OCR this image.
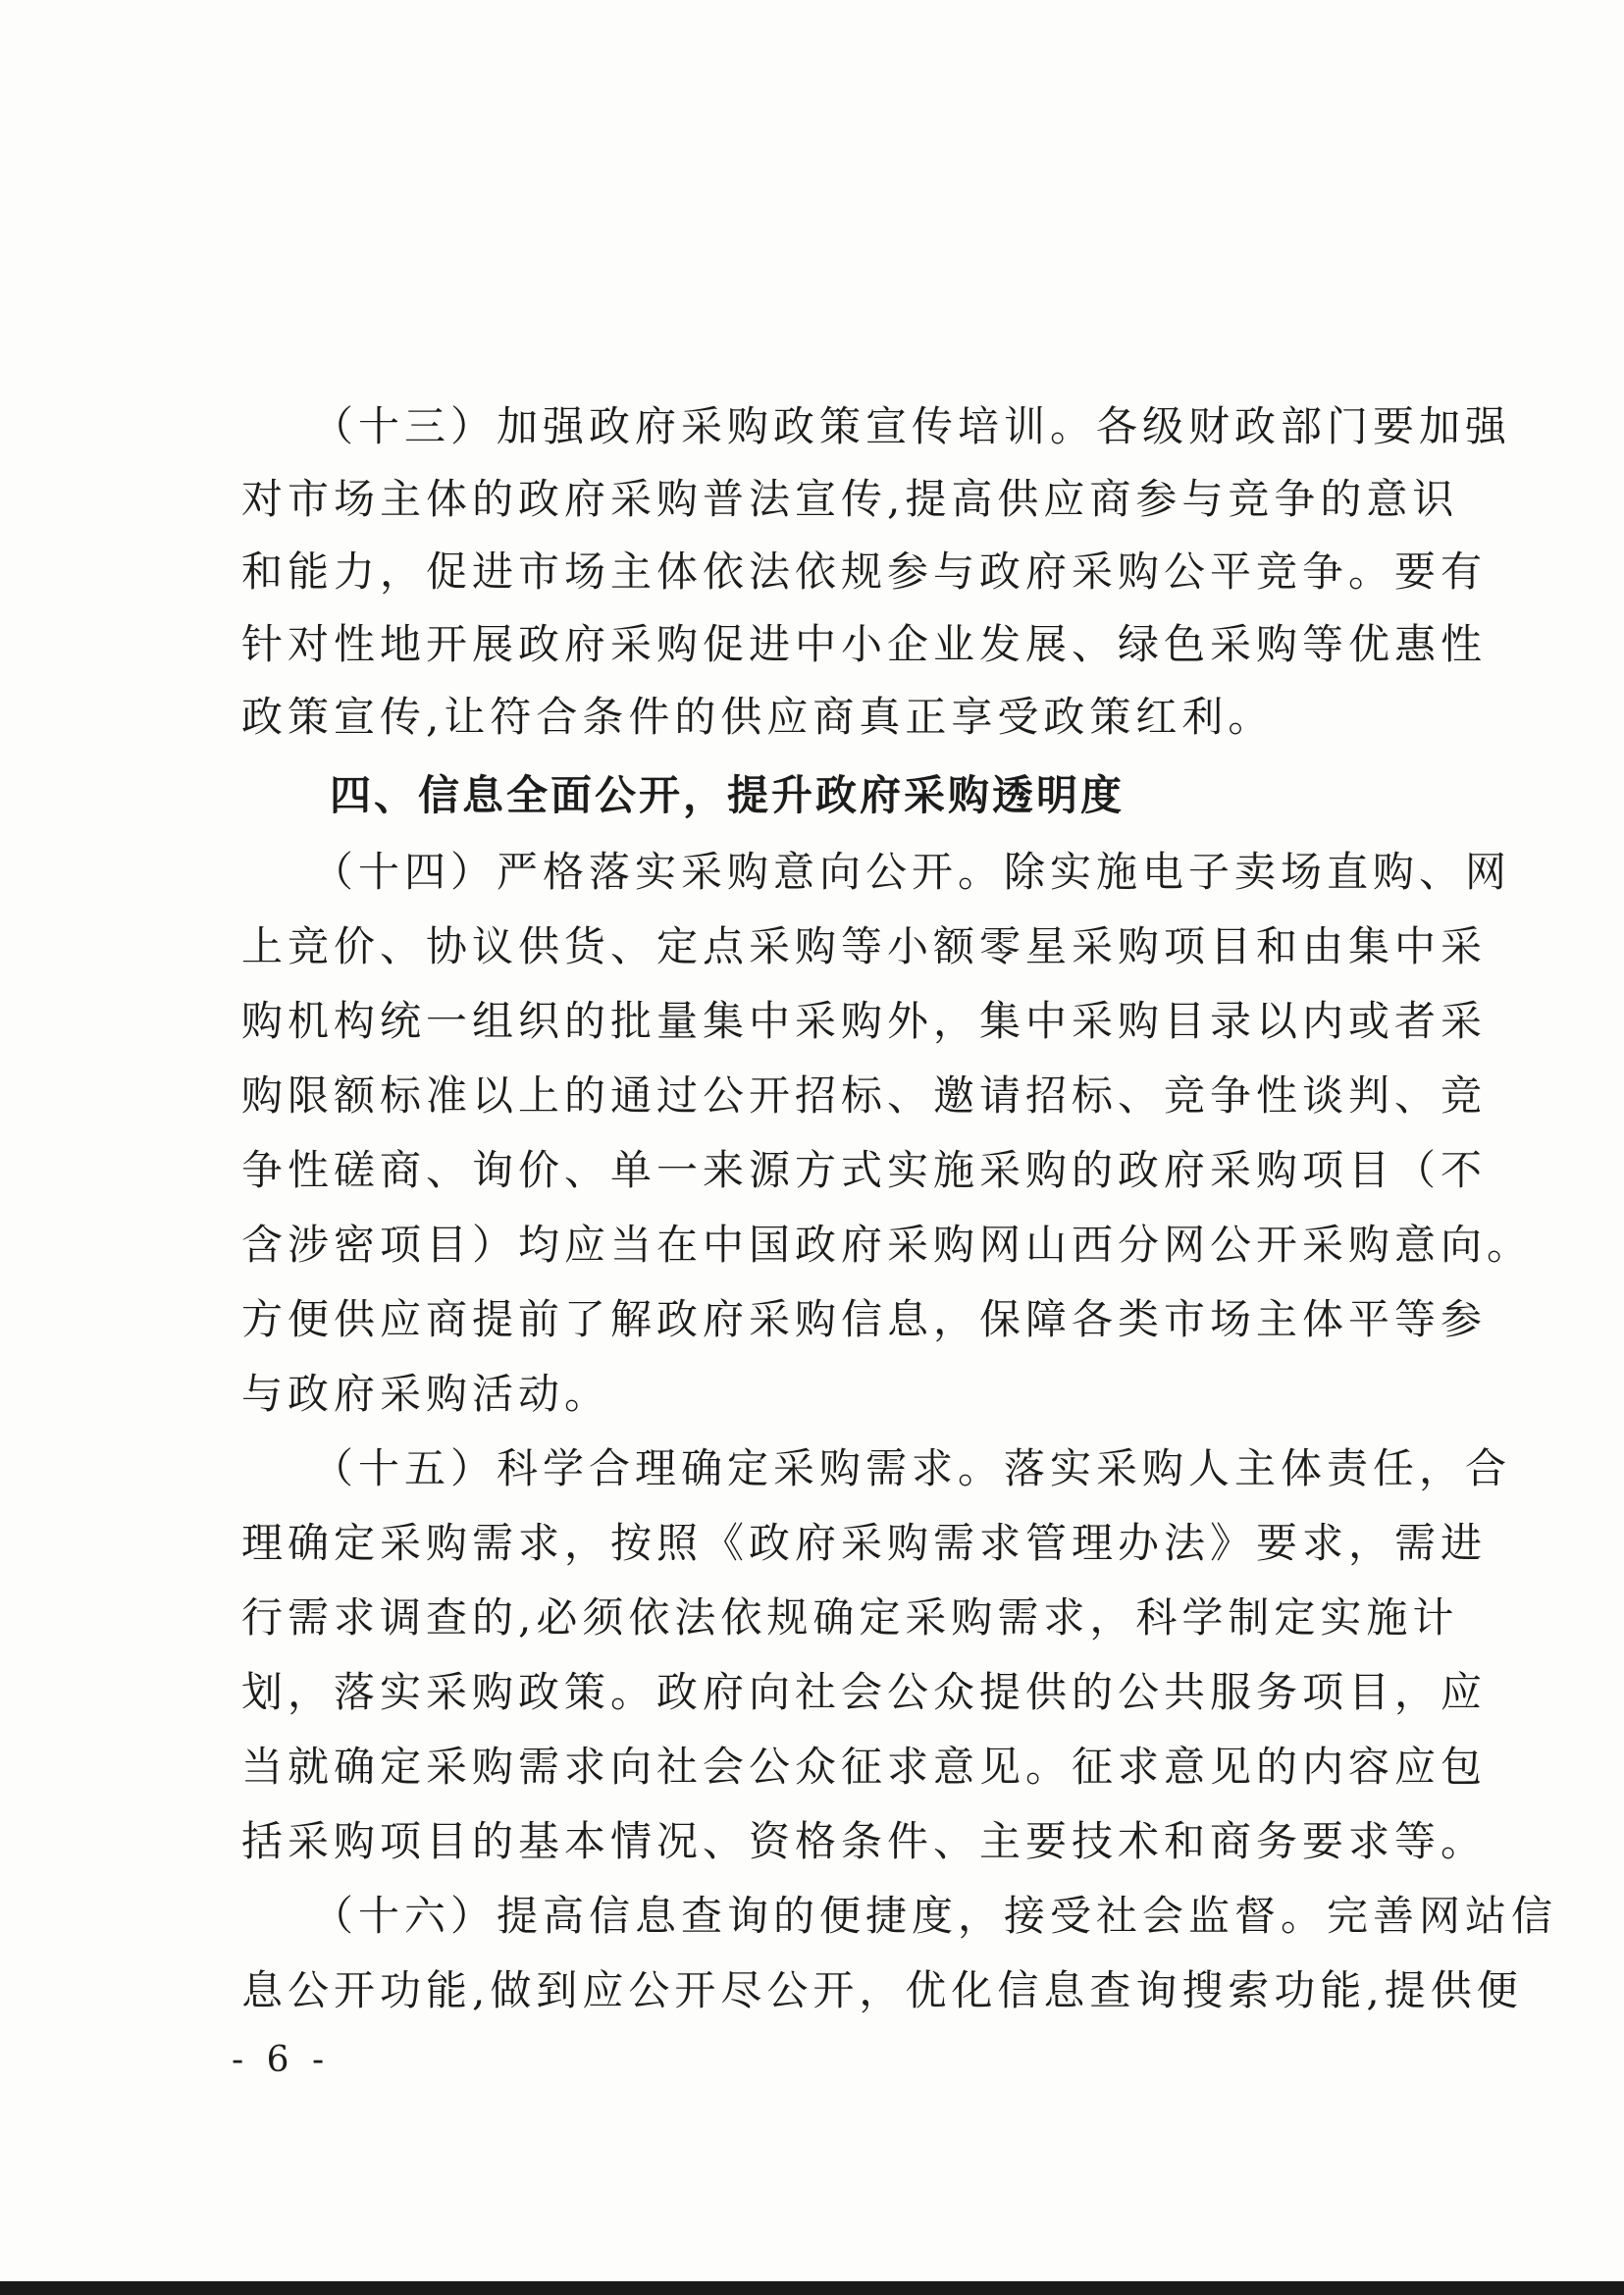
（十三）加强政府采购政策宣传培训。各级财政部门要加强
对市场主体的政府采购普法宣传,提高供应商参与竞争的意识
和能力，促进市场主体依法依规参与政府采购公平竞争。要有
针对性地开展政府采购促进中小企业发展、绿色采购等优惠性
政策宣传,让符合条件的供应商真正享受政策红利。
四、信息全面公开，提升政府采购透明度
（十四）严格落实采购意向公开。除实施电子卖场直购、网
上竞价、协议供货、定点采购等小额零星采购项目和由集中采
购机构统一组织的批量集中采购外，集中采购目录以内或者采
购限额标准以上的通过公开招标、邀请招标、竞争性谈判、竞
争性磋商、询价、单一来源方式实施采购的政府采购项目（不
含涉密项目）均应当在中国政府采购网山西分网公开采购意向。
方便供应商提前了解政府采购信息，保障各类市场主体平等参
与政府采购活动。
（十五）科学合理确定采购需求。落实采购人主体责任，合
理确定采购需求，按照《政府采购需求管理办法》要求，需进
行需求调查的,必须依法依规确定采购需求，科学制定实施计
划，落实采购政策。政府向社会公众提供的公共服务项目，应
当就确定采购需求向社会公众征求意见。征求意见的内容应包
括采购项目的基本情况、资格条件、主要技术和商务要求等。
（十六）提高信息查询的便捷度，接受社会监督。完善网站信
息公开功能,做到应公开尽公开，优化信息查询搜索功能,提供便
- 6 -
